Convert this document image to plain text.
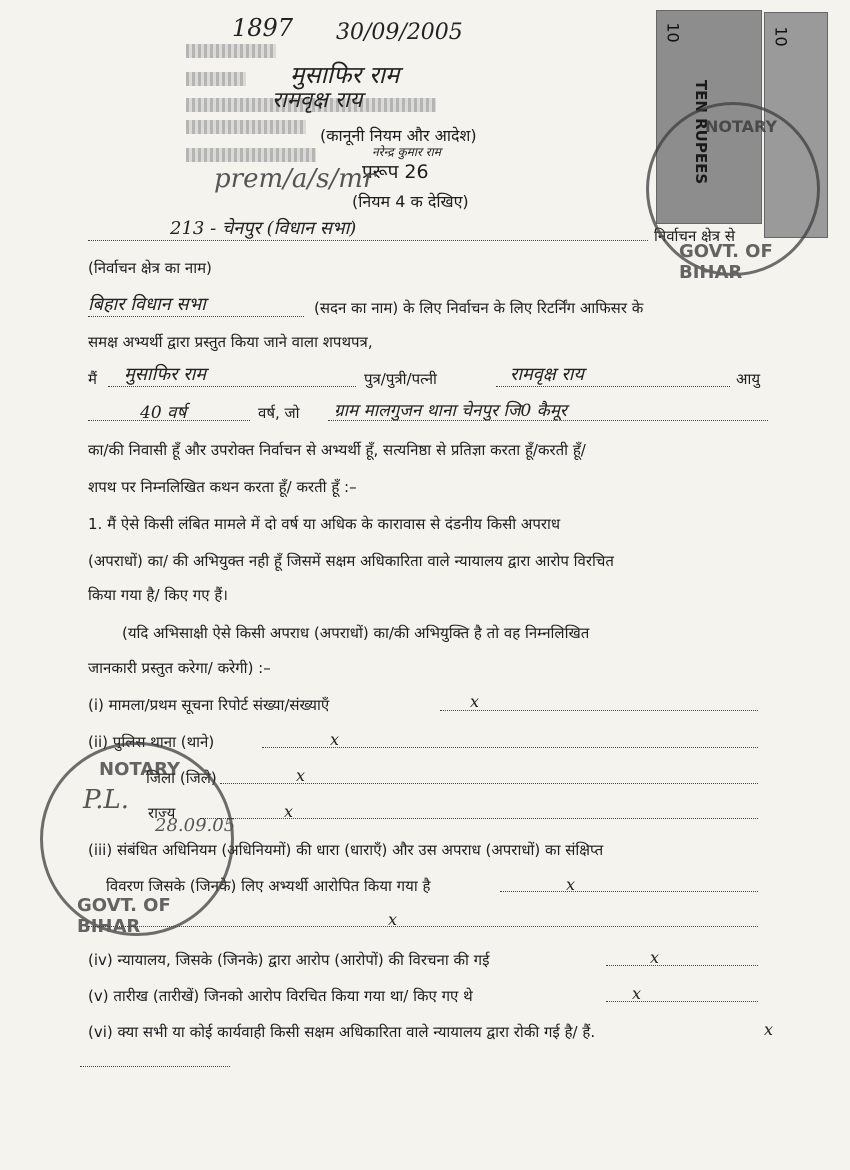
1897 30/09/2005
मुसाफिर राम
रामवृक्ष राय
(कानूनी नियम और आदेश)
नरेन्द्र कुमार राम
प्ररूप 26
prem/a/s/mr
(नियम 4 क देखिए)
213 - चेनपुर (विधान सभा)	निर्वाचन क्षेत्र से
(निर्वाचन क्षेत्र का नाम)
10
TEN RUPEES
10
GOVT. OF BIHAR
NOTARY
बिहार विधान सभा	(सदन का नाम) के लिए निर्वाचन के लिए रिटर्निंग आफिसर के
समक्ष अभ्यर्थी द्वारा प्रस्तुत किया जाने वाला शपथपत्र,
मैं मुसाफिर राम	पुत्र/पुत्री/पत्नी	रामवृक्ष राय	आयु
40 वर्ष	वर्ष, जो ग्राम मालगुजन थाना चेनपुर जि0 कैमूर
का/की निवासी हूँ और उपरोक्त निर्वाचन से अभ्यर्थी हूँ, सत्यनिष्ठा से प्रतिज्ञा करता हूँ/करती हूँ/
शपथ पर निम्नलिखित कथन करता हूँ/ करती हूँ :–
1. मैं ऐसे किसी लंबित मामले में दो वर्ष या अधिक के कारावास से दंडनीय किसी अपराध
(अपराधों) का/ की अभियुक्त नही हूँ जिसमें सक्षम अधिकारिता वाले न्यायालय द्वारा आरोप विरचित
किया गया है/ किए गए हैं।
(यदि अभिसाक्षी ऐसे किसी अपराध (अपराधों) का/की अभियुक्ति है तो वह निम्नलिखित
जानकारी प्रस्तुत करेगा/ करेगी) :–
(i) मामला/प्रथम सूचना रिपोर्ट संख्या/संख्याएँ	x
(ii) पुलिस थाना (थाने)	x
जिला (जिले)	x
राज्य	x
(iii) संबंधित अधिनियम (अधिनियमों) की धारा (धाराएँ) और उस अपराध (अपराधों) का संक्षिप्त
विवरण जिसके (जिनके) लिए अभ्यर्थी आरोपित किया गया है	x
x
(iv) न्यायालय, जिसके (जिनके) द्वारा आरोप (आरोपों) की विरचना की गई	x
(v) तारीख (तारीखें) जिनको आरोप विरचित किया गया था/ किए गए थे	x
(vi) क्या सभी या कोई कार्यवाही किसी सक्षम अधिकारिता वाले न्यायालय द्वारा रोकी गई है/ हैं.	x
NOTARY
GOVT. OF BIHAR
P.L.
28.09.05
